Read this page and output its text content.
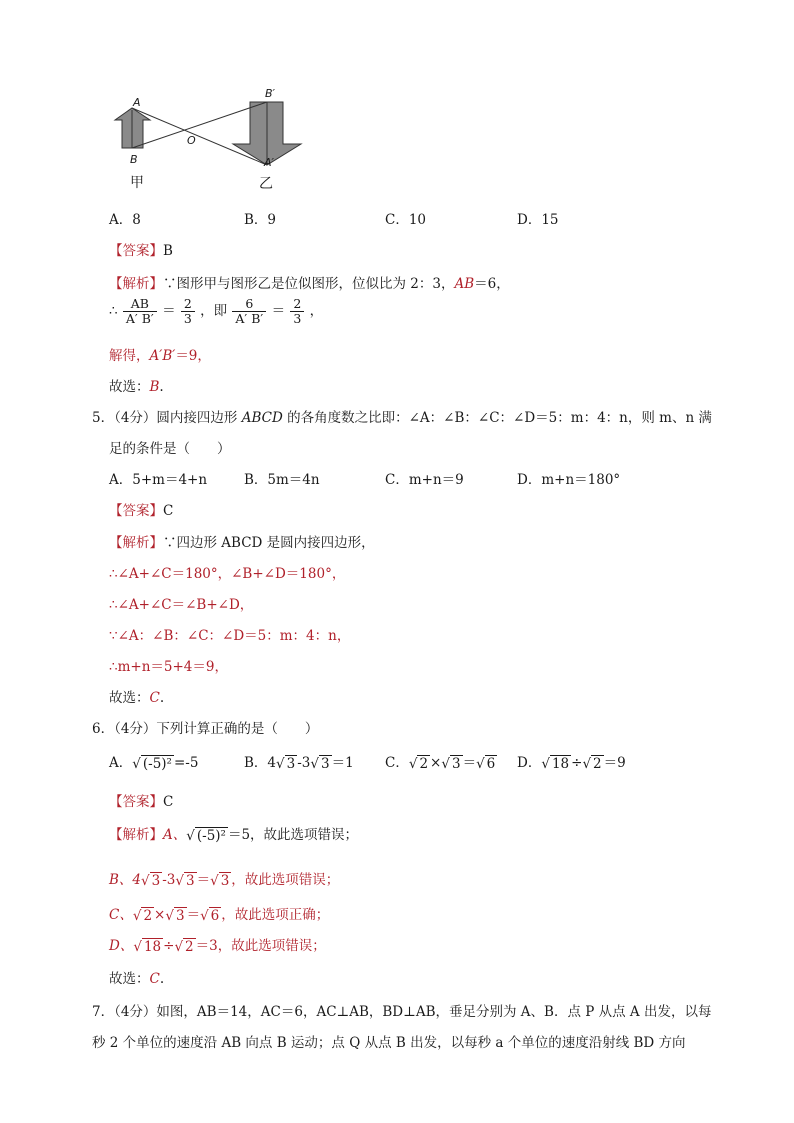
A
B
O
B′
A′
甲	乙
A．8	B．9	C．10	D．15
【答案】B
【解析】∵图形甲与图形乙是位似图形，位似比为 2：3，AB＝6，
∴ $\frac{AB}{A' B'} = \frac{2}{3}$ ，即 $\frac{6}{A' B'} = \frac{2}{3}$ ，
解得，A′B′＝9，
故选：B.
5．（4分）圆内接四边形 ABCD 的各角度数之比即：∠A：∠B：∠C：∠D＝5：m：4：n，则 m、n 满
足的条件是（　　）
A．5+m＝4+n	B．5m＝4n	C．m+n＝9	D．m+n＝180°
【答案】C
【解析】∵四边形 ABCD 是圆内接四边形，
∴∠A+∠C＝180°，∠B+∠D＝180°，
∴∠A+∠C＝∠B+∠D，
∵∠A：∠B：∠C：∠D＝5：m：4：n，
∴m+n＝5+4＝9，
故选：C.
6．（4分）下列计算正确的是（　　）
A．√ (-5)² =-5	B．4√ 3 -3√ 3 ＝1 C．√ 2 ×√ 3 ＝√ 6 D．√ 18 ÷√ 2 ＝9
【答案】C
【解析】A、√ (-5)² ＝5，故此选项错误；
B、4√ 3 -3√ 3 ＝√ 3 ，故此选项错误；
C、√ 2 ×√ 3 ＝√ 6 ，故此选项正确；
D、√ 18 ÷√ 2 ＝3，故此选项错误；
故选：C.
7．（4分）如图，AB＝14，AC＝6，AC⊥AB，BD⊥AB，垂足分别为 A、B．点 P 从点 A 出发，以每
秒 2 个单位的速度沿 AB 向点 B 运动；点 Q 从点 B 出发，以每秒 a 个单位的速度沿射线 BD 方向
